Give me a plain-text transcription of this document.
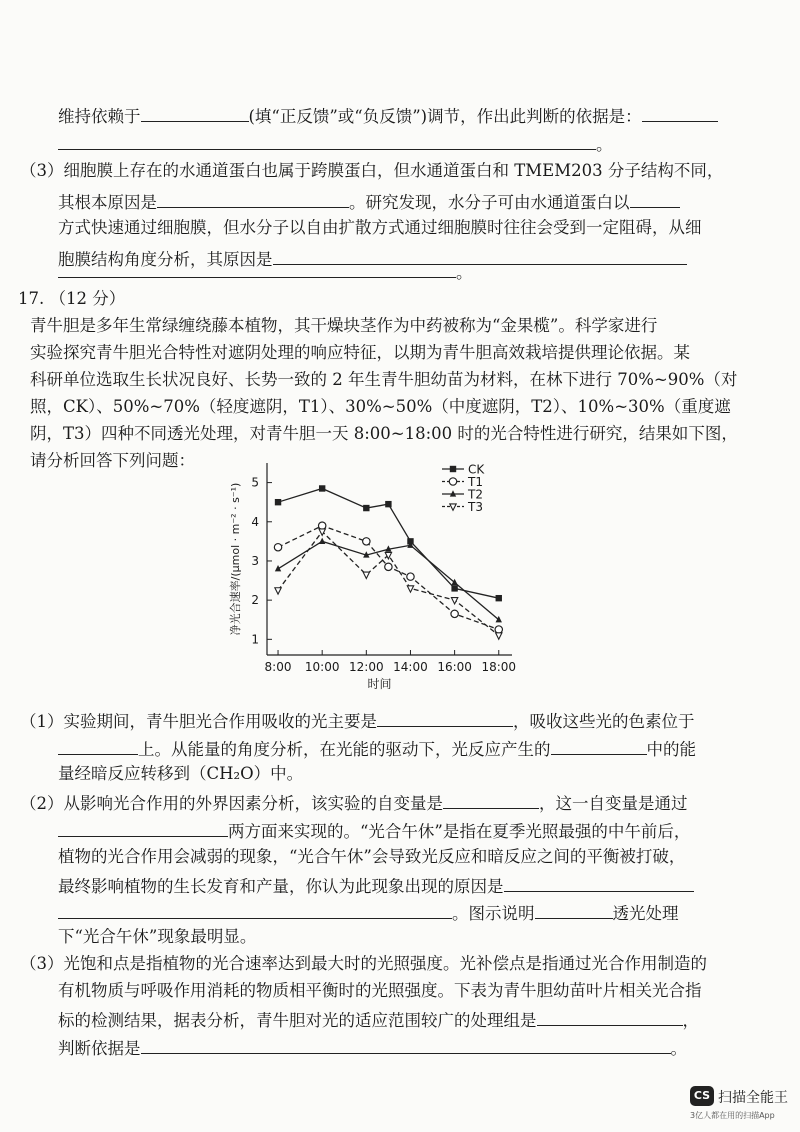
维持依赖于	(填“正反馈”或“负反馈”)调节，作出此判断的依据是：
。
（3）细胞膜上存在的水通道蛋白也属于跨膜蛋白，但水通道蛋白和 TMEM203 分子结构不同，
其根本原因是	。研究发现，水分子可由水通道蛋白以
方式快速通过细胞膜，但水分子以自由扩散方式通过细胞膜时往往会受到一定阻碍，从细
胞膜结构角度分析，其原因是
。
17. （12 分）
青牛胆是多年生常绿缠绕藤本植物，其干燥块茎作为中药被称为“金果榄”。科学家进行
实验探究青牛胆光合特性对遮阴处理的响应特征，以期为青牛胆高效栽培提供理论依据。某
科研单位选取生长状况良好、长势一致的 2 年生青牛胆幼苗为材料，在林下进行 70%~90%（对
照，CK）、50%~70%（轻度遮阴，T1）、30%~50%（中度遮阴，T2）、10%~30%（重度遮
阴，T3）四种不同透光处理，对青牛胆一天 8:00~18:00 时的光合特性进行研究，结果如下图，
请分析回答下列问题：
1
2
3
4
5
8:00 10:00 12:00 14:00 16:00 18:00
时间
净光合速率/(μmol · m⁻² · s⁻¹)
CK
T1
T2
T3
（1）实验期间，青牛胆光合作用吸收的光主要是	，吸收这些光的色素位于
上。从能量的角度分析，在光能的驱动下，光反应产生的	中的能
量经暗反应转移到（CH₂O）中。
（2）从影响光合作用的外界因素分析，该实验的自变量是	，这一自变量是通过
两方面来实现的。“光合午休”是指在夏季光照最强的中午前后，
植物的光合作用会减弱的现象，“光合午休”会导致光反应和暗反应之间的平衡被打破，
最终影响植物的生长发育和产量，你认为此现象出现的原因是
。图示说明	透光处理
下“光合午休”现象最明显。
（3）光饱和点是指植物的光合速率达到最大时的光照强度。光补偿点是指通过光合作用制造的
有机物质与呼吸作用消耗的物质相平衡时的光照强度。下表为青牛胆幼苗叶片相关光合指
标的检测结果，据表分析，青牛胆对光的适应范围较广的处理组是	，
判断依据是	。
CS 扫描全能王
3亿人都在用的扫描App
